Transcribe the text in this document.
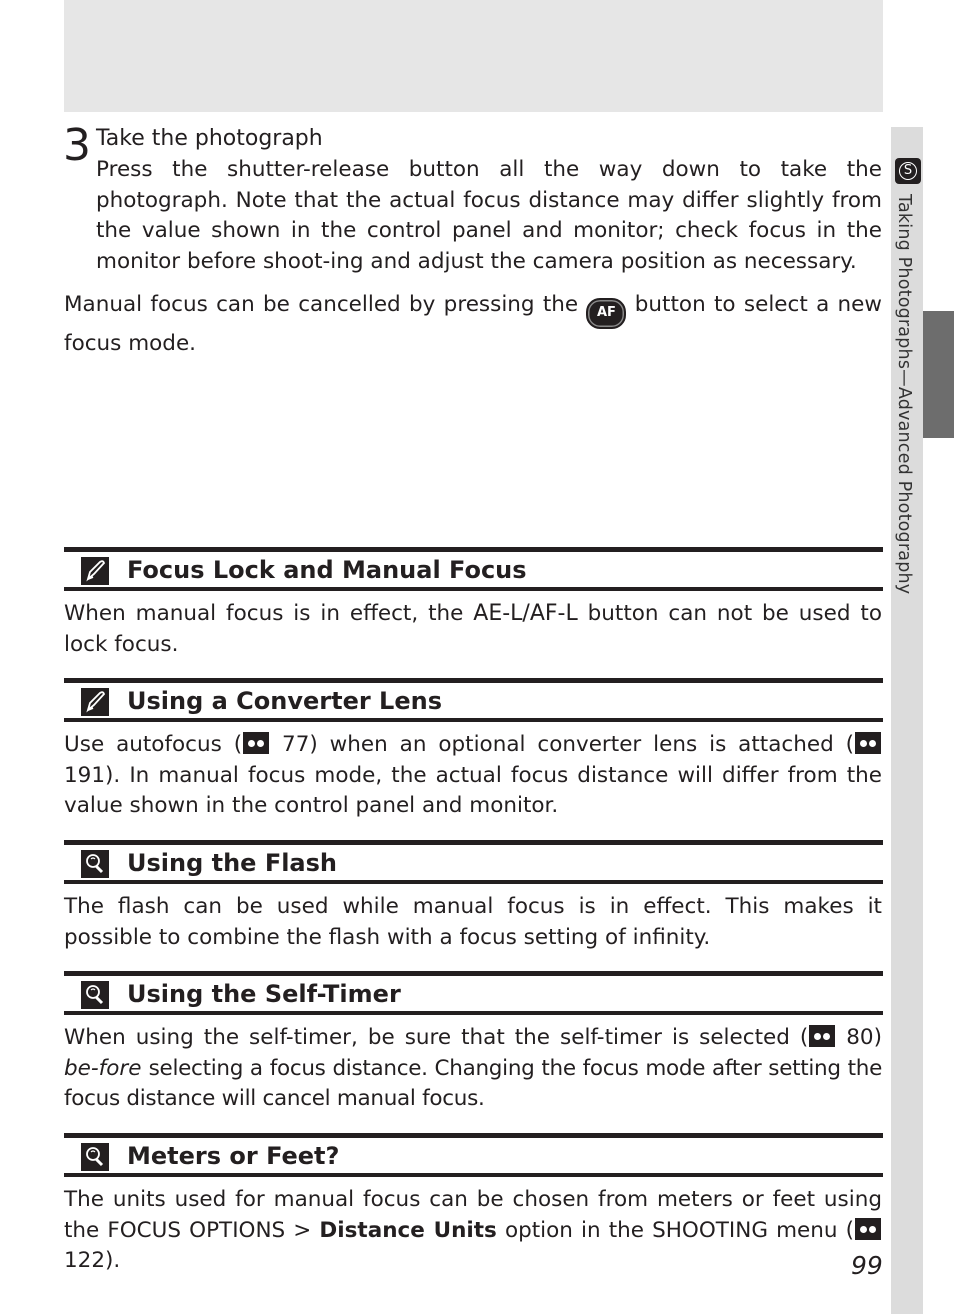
S
Taking Photographs—Advanced Photography
3 Take the photograph
Press the shutter-release button all the way down to take the photograph. Note that the actual focus distance may differ slightly from the value shown in the control panel and monitor; check focus in the monitor before shoot-ing and adjust the camera position as necessary.
Manual focus can be cancelled by pressing the AF button to select a new focus mode.
Focus Lock and Manual Focus
When manual focus is in effect, the AE-L/AF-L button can not be used to lock focus.
Using a Converter Lens
Use autofocus ( 77) when an optional converter lens is attached ( 191). In manual focus mode, the actual focus distance will differ from the value shown in the control panel and monitor.
Using the Flash
The flash can be used while manual focus is in effect. This makes it possible to combine the flash with a focus setting of infinity.
Using the Self-Timer
When using the self-timer, be sure that the self-timer is selected ( 80) be-fore selecting a focus distance. Changing the focus mode after setting the focus distance will cancel manual focus.
Meters or Feet?
The units used for manual focus can be chosen from meters or feet using the FOCUS OPTIONS > Distance Units option in the SHOOTING menu ( 122).	99
